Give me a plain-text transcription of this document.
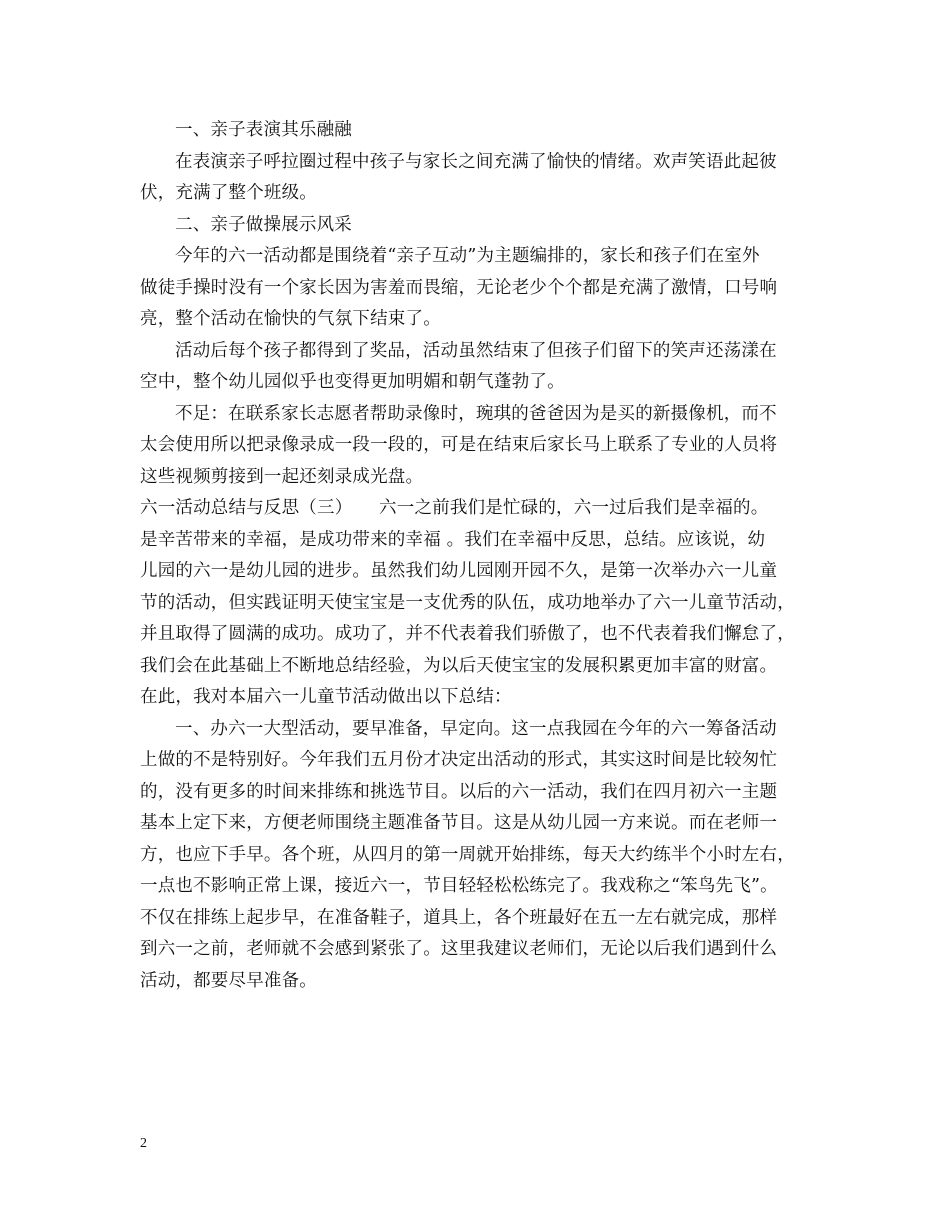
一、亲子表演其乐融融

在表演亲子呼拉圈过程中孩子与家长之间充满了愉快的情绪。欢声笑语此起彼

伏，充满了整个班级。

二、亲子做操展示风采

今年的六一活动都是围绕着“亲子互动”为主题编排的，家长和孩子们在室外

做徒手操时没有一个家长因为害羞而畏缩，无论老少个个都是充满了激情，口号响

亮，整个活动在愉快的气氛下结束了。

活动后每个孩子都得到了奖品，活动虽然结束了但孩子们留下的笑声还荡漾在

空中，整个幼儿园似乎也变得更加明媚和朝气蓬勃了。

不足：在联系家长志愿者帮助录像时，琬琪的爸爸因为是买的新摄像机，而不

太会使用所以把录像录成一段一段的，可是在结束后家长马上联系了专业的人员将

这些视频剪接到一起还刻录成光盘。

六一活动总结与反思（三）　　六一之前我们是忙碌的，六一过后我们是幸福的。

是辛苦带来的幸福，是成功带来的幸福 。我们在幸福中反思，总结。应该说，幼

儿园的六一是幼儿园的进步。虽然我们幼儿园刚开园不久，是第一次举办六一儿童

节的活动，但实践证明天使宝宝是一支优秀的队伍，成功地举办了六一儿童节活动，

并且取得了圆满的成功。成功了，并不代表着我们骄傲了，也不代表着我们懈怠了，

我们会在此基础上不断地总结经验，为以后天使宝宝的发展积累更加丰富的财富。

在此，我对本届六一儿童节活动做出以下总结：

一、办六一大型活动，要早准备，早定向。这一点我园在今年的六一筹备活动

上做的不是特别好。今年我们五月份才决定出活动的形式，其实这时间是比较匆忙

的，没有更多的时间来排练和挑选节目。以后的六一活动，我们在四月初六一主题

基本上定下来，方便老师围绕主题准备节目。这是从幼儿园一方来说。而在老师一

方，也应下手早。各个班，从四月的第一周就开始排练，每天大约练半个小时左右，

一点也不影响正常上课，接近六一，节目轻轻松松练完了。我戏称之“笨鸟先飞”。

不仅在排练上起步早，在准备鞋子，道具上，各个班最好在五一左右就完成，那样

到六一之前，老师就不会感到紧张了。这里我建议老师们，无论以后我们遇到什么

活动，都要尽早准备。

2
